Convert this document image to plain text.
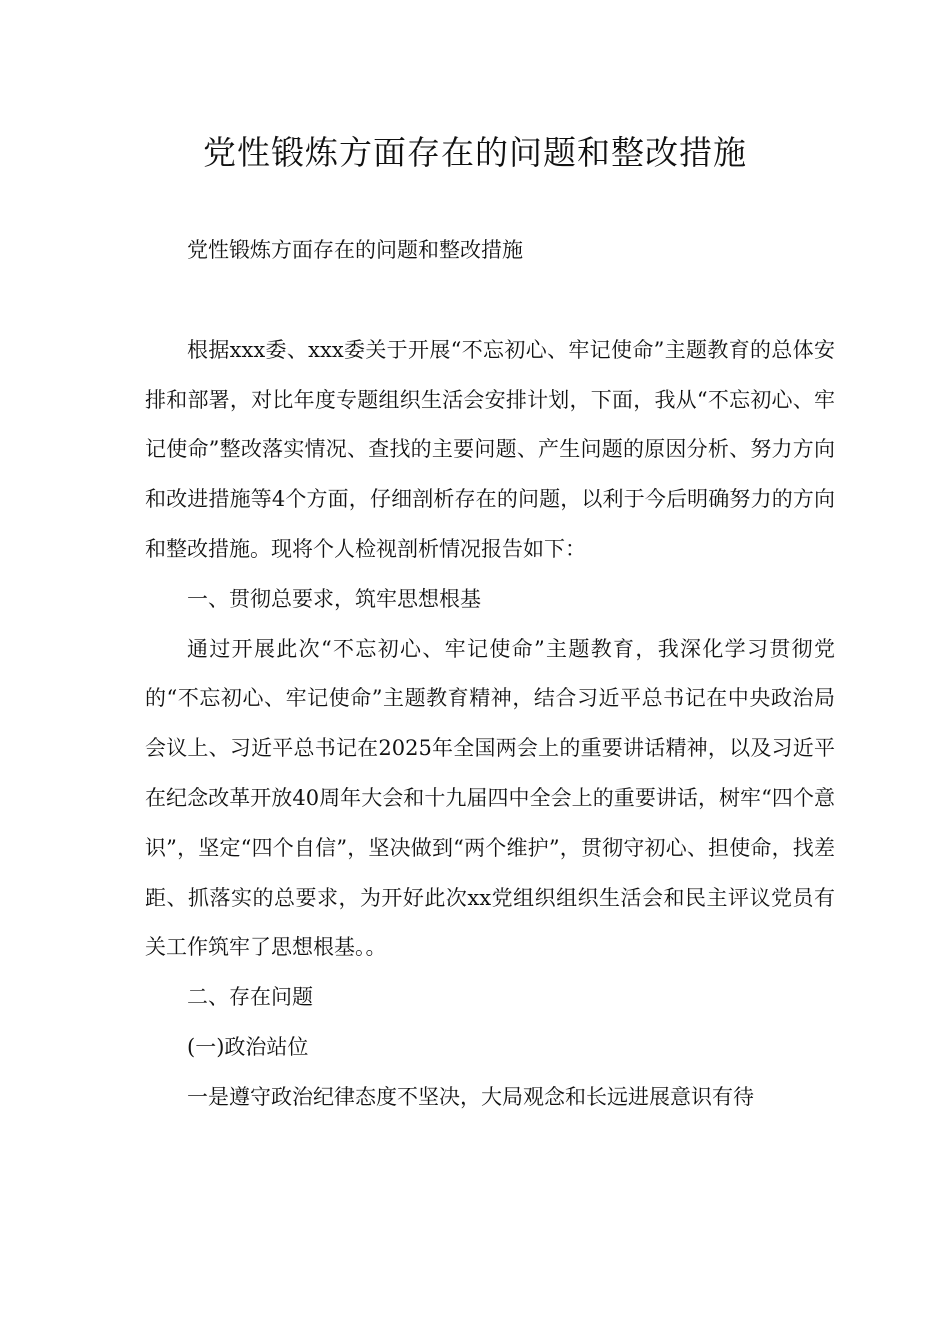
党性锻炼方面存在的问题和整改措施

党性锻炼方面存在的问题和整改措施

根据xxx委、xxx委关于开展“不忘初心、牢记使命”主题教育的总体安排和部署，对比年度专题组织生活会安排计划，下面，我从“不忘初心、牢记使命”整改落实情况、查找的主要问题、产生问题的原因分析、努力方向和改进措施等4个方面，仔细剖析存在的问题，以利于今后明确努力的方向和整改措施。现将个人检视剖析情况报告如下：

一、贯彻总要求，筑牢思想根基

通过开展此次“不忘初心、牢记使命”主题教育，我深化学习贯彻党的“不忘初心、牢记使命”主题教育精神，结合习近平总书记在中央政治局会议上、习近平总书记在2025年全国两会上的重要讲话精神，以及习近平在纪念改革开放40周年大会和十九届四中全会上的重要讲话，树牢“四个意识”，坚定“四个自信”，坚决做到“两个维护”，贯彻守初心、担使命，找差距、抓落实的总要求，为开好此次xx党组织组织生活会和民主评议党员有关工作筑牢了思想根基。。

二、存在问题

(一)政治站位

一是遵守政治纪律态度不坚决，大局观念和长远进展意识有待
